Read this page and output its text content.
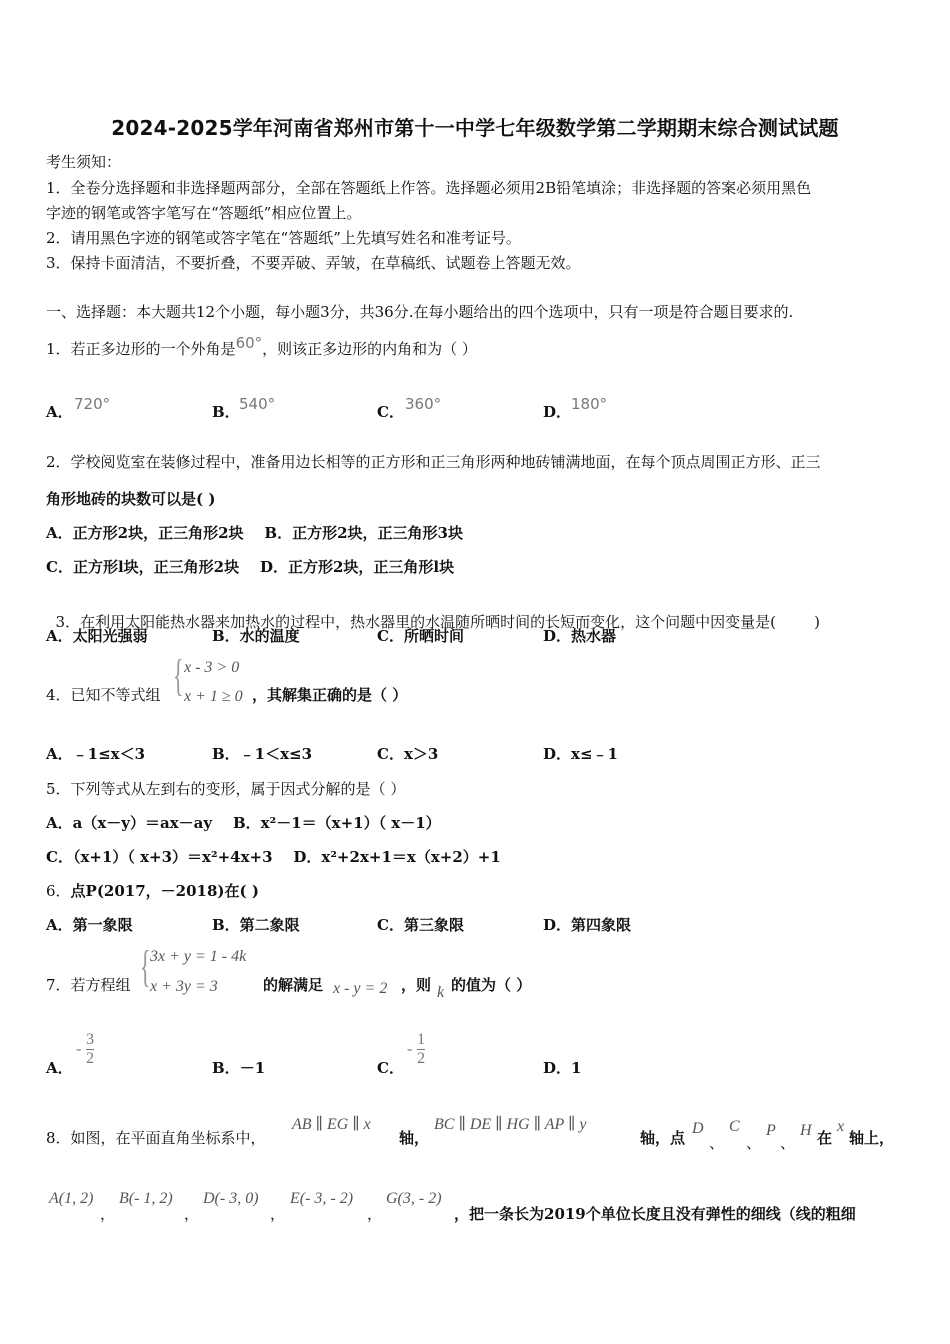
2024-2025学年河南省郑州市第十一中学七年级数学第二学期期末综合测试试题
考生须知：
1．全卷分选择题和非选择题两部分，全部在答题纸上作答。选择题必须用2B铅笔填涂；非选择题的答案必须用黑色
字迹的钢笔或答字笔写在“答题纸”相应位置上。
2．请用黑色字迹的钢笔或答字笔在“答题纸”上先填写姓名和准考证号。
3．保持卡面清洁，不要折叠，不要弄破、弄皱，在草稿纸、试题卷上答题无效。
一、选择题：本大题共12个小题，每小题3分，共36分.在每小题给出的四个选项中，只有一项是符合题目要求的.
1．若正多边形的一个外角是60°，则该正多边形的内角和为（ ）
A． 720°	B． 540°	C． 360°	D． 180°
2．学校阅览室在装修过程中，准备用边长相等的正方形和正三角形两种地砖铺满地面，在每个顶点周围正方形、正三
角形地砖的块数可以是( )
A．正方形2块，正三角形2块    B．正方形2块，正三角形3块
C．正方形l块，正三角形2块    D．正方形2块，正三角形l块

3．在利用太阳能热水器来加热水的过程中，热水器里的水温随所晒时间的长短而变化，这个问题中因变量是(        )

A．太阳光强弱	B．水的温度	C．所晒时间	D．热水器
4．已知不等式组 { x - 3 > 0
x + 1 ≥ 0 ，其解集正确的是（ ）
A．﹣1≤x＜3	B．﹣1＜x≤3	C．x＞3	D．x≤﹣1
5．下列等式从左到右的变形，属于因式分解的是（ ）
A．a（x－y）＝ax－ay    B．x²－1＝（x+1）（ x－1）
C．（x+1）（ x+3）＝x²+4x+3    D．x²+2x+1＝x（x+2）+1
6．点P(2017，－2018)在( )
A．第一象限	B．第二象限	C．第三象限	D．第四象限
7．若方程组 { 3x + y = 1 - 4k
x + 3y = 3	的解满足 x - y = 2 ，则 k 的值为（ ）
A．
- $\frac{3}{2}$	B．－1	C．
- $\frac{1}{2}$	D．1
8．如图，在平面直角坐标系中，
AB ∥ EG ∥ x
轴，
BC ∥ DE ∥ HG ∥ AP ∥ y
轴，点
D
、
C
、
P
、
H 在
x
轴上，
A(1, 2)
，
B(- 1, 2)
，
D(- 3, 0)
，
E(- 3, - 2)
，
G(3, - 2)
，把一条长为2019个单位长度且没有弹性的细线（线的粗细
